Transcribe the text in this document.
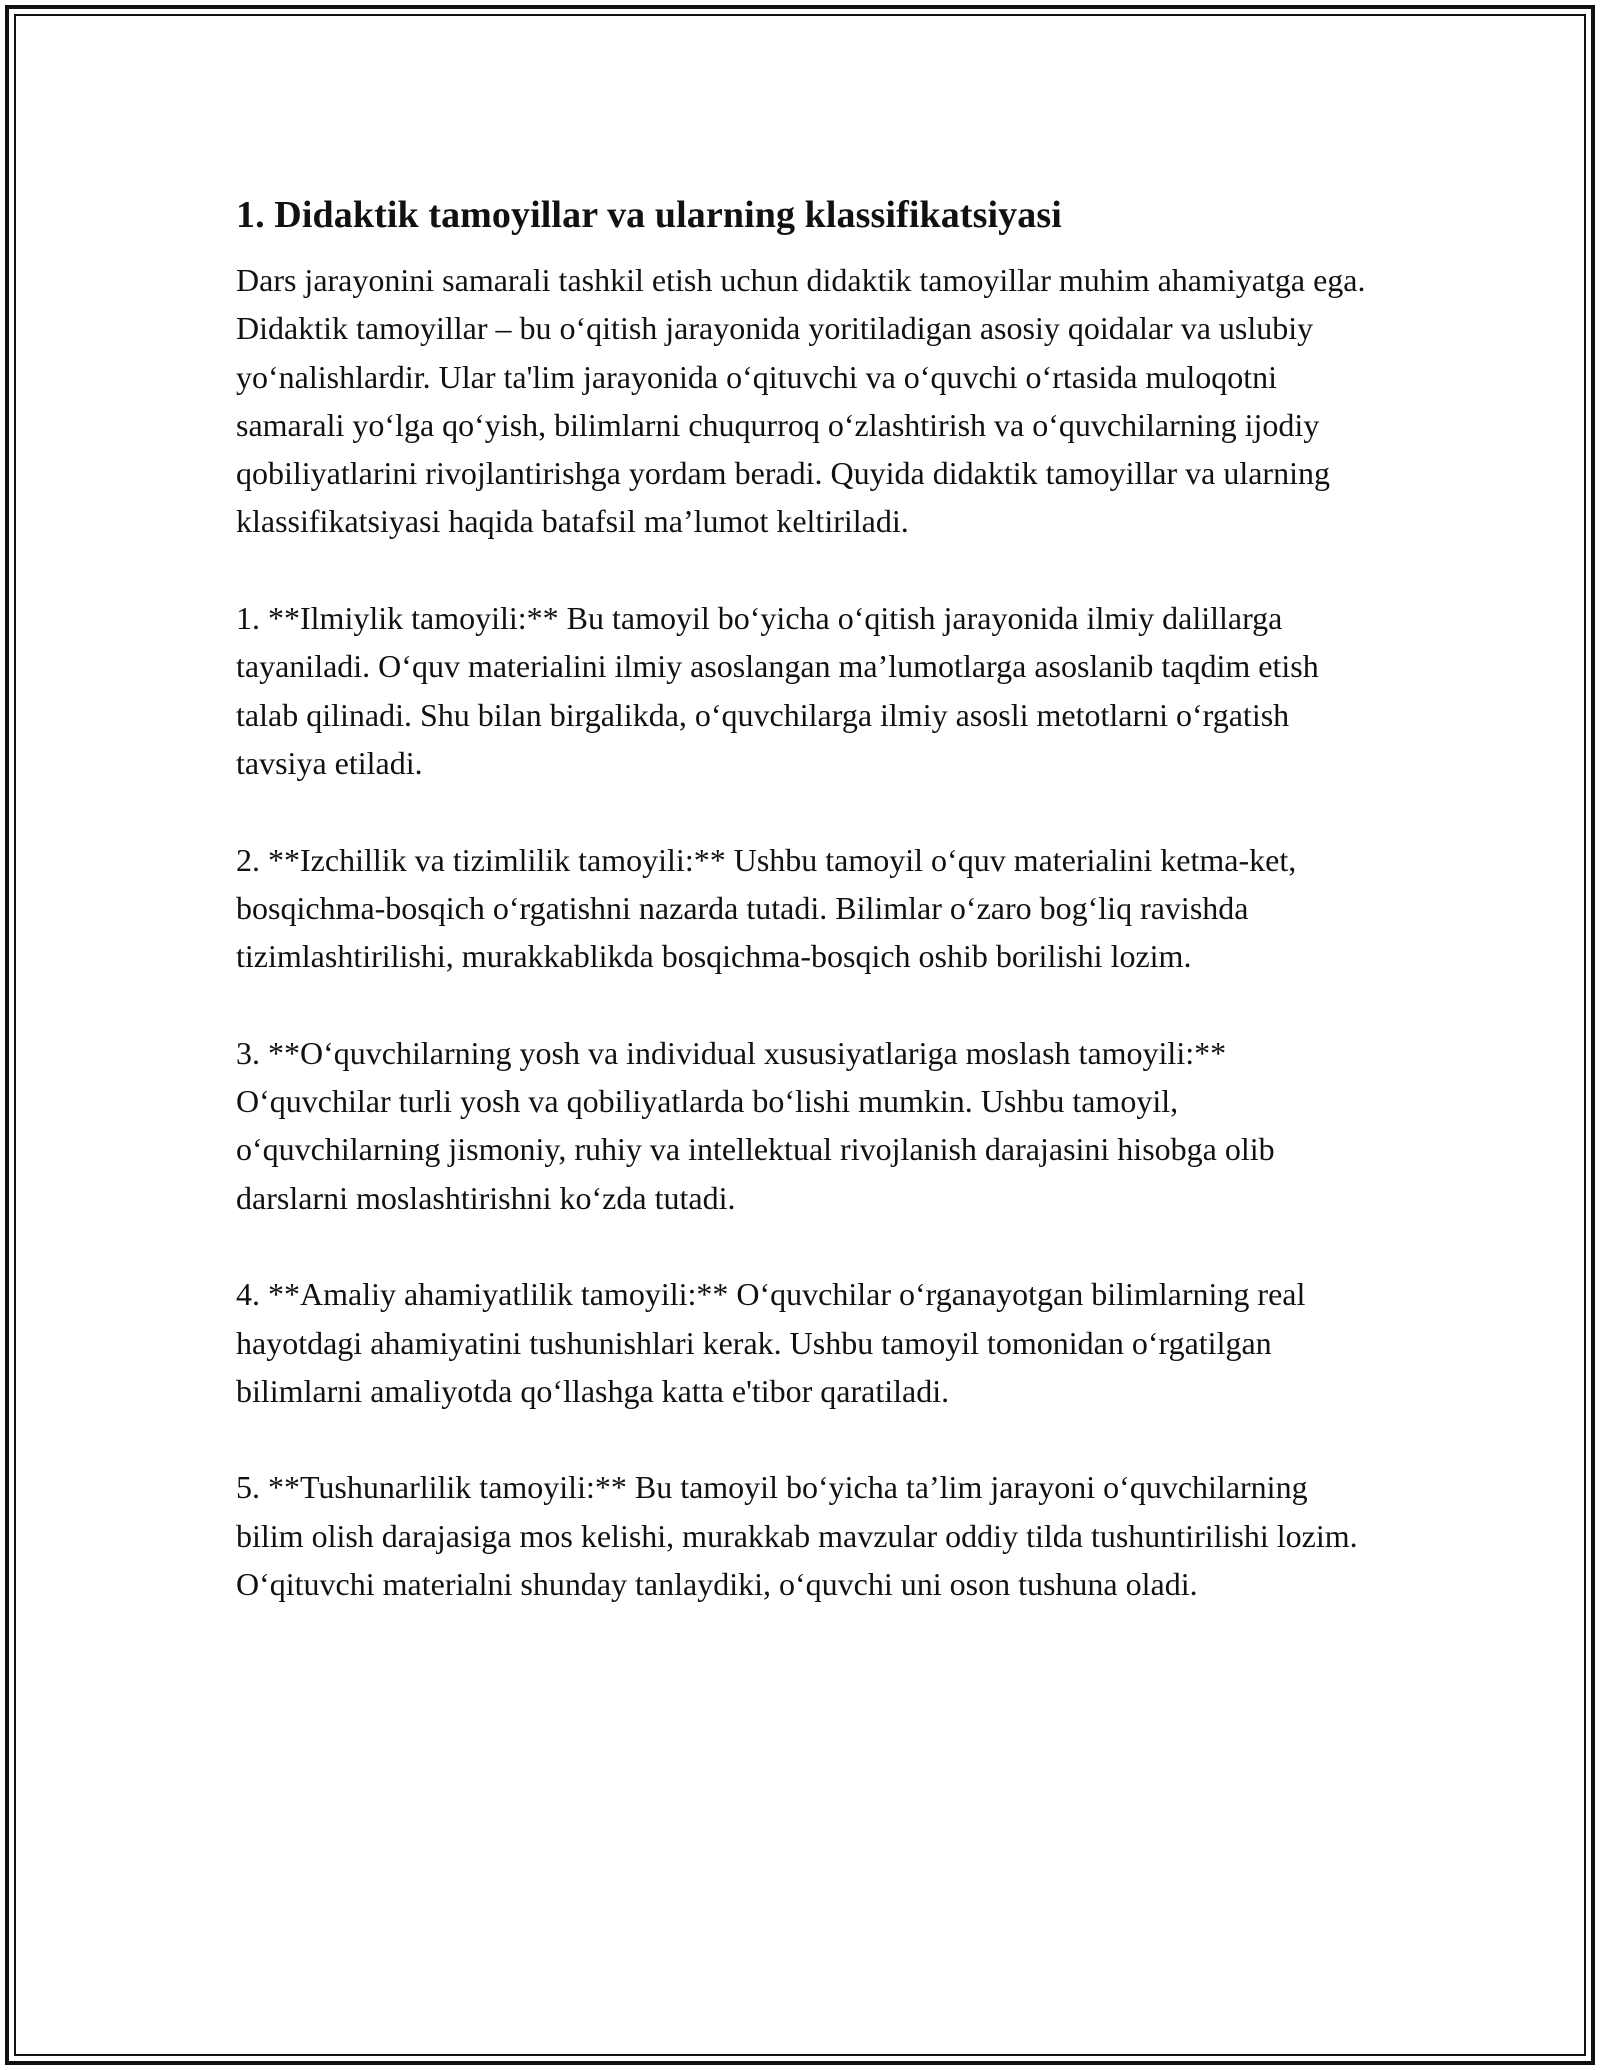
1. Didaktik tamoyillar va ularning klassifikatsiyasi

Dars jarayonini samarali tashkil etish uchun didaktik tamoyillar muhim ahamiyatga ega. Didaktik tamoyillar – bu o‘qitish jarayonida yoritiladigan asosiy qoidalar va uslubiy yo‘nalishlardir. Ular ta'lim jarayonida o‘qituvchi va o‘quvchi o‘rtasida muloqotni samarali yo‘lga qo‘yish, bilimlarni chuqurroq o‘zlashtirish va o‘quvchilarning ijodiy qobiliyatlarini rivojlantirishga yordam beradi. Quyida didaktik tamoyillar va ularning klassifikatsiyasi haqida batafsil ma’lumot keltiriladi.

1. **Ilmiylik tamoyili:** Bu tamoyil bo‘yicha o‘qitish jarayonida ilmiy dalillarga tayaniladi. O‘quv materialini ilmiy asoslangan ma’lumotlarga asoslanib taqdim etish talab qilinadi. Shu bilan birgalikda, o‘quvchilarga ilmiy asosli metotlarni o‘rgatish tavsiya etiladi.

2. **Izchillik va tizimlilik tamoyili:** Ushbu tamoyil o‘quv materialini ketma-ket, bosqichma-bosqich o‘rgatishni nazarda tutadi. Bilimlar o‘zaro bog‘liq ravishda tizimlashtirilishi, murakkablikda bosqichma-bosqich oshib borilishi lozim.

3. **O‘quvchilarning yosh va individual xususiyatlariga moslash tamoyili:** O‘quvchilar turli yosh va qobiliyatlarda bo‘lishi mumkin. Ushbu tamoyil, o‘quvchilarning jismoniy, ruhiy va intellektual rivojlanish darajasini hisobga olib darslarni moslashtirishni ko‘zda tutadi.

4. **Amaliy ahamiyatlilik tamoyili:** O‘quvchilar o‘rganayotgan bilimlarning real hayotdagi ahamiyatini tushunishlari kerak. Ushbu tamoyil tomonidan o‘rgatilgan bilimlarni amaliyotda qo‘llashga katta e'tibor qaratiladi.

5. **Tushunarlilik tamoyili:** Bu tamoyil bo‘yicha ta’lim jarayoni o‘quvchilarning bilim olish darajasiga mos kelishi, murakkab mavzular oddiy tilda tushuntirilishi lozim. O‘qituvchi materialni shunday tanlaydiki, o‘quvchi uni oson tushuna oladi.
